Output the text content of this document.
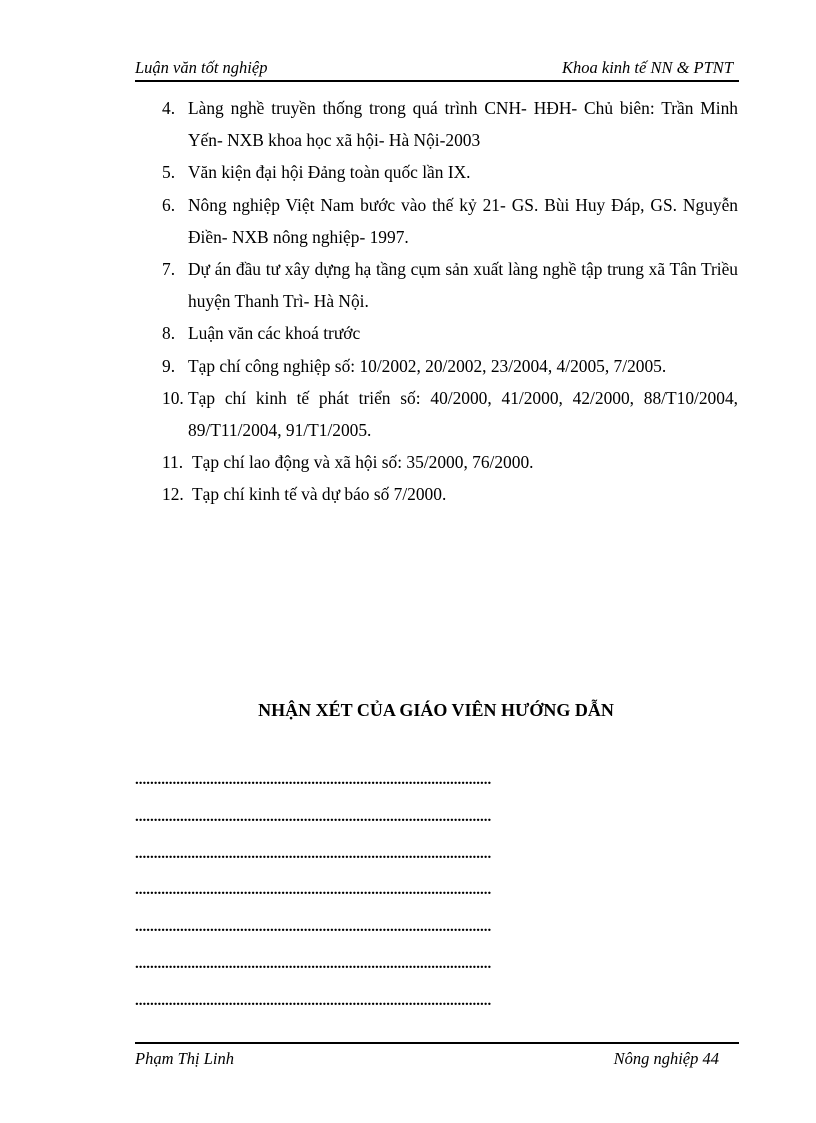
Luận văn tốt nghiệp	Khoa kinh tế NN & PTNT
4. Làng nghề truyền thống trong quá trình CNH- HĐH- Chủ biên: Trần Minh Yến- NXB khoa học xã hội- Hà Nội-2003
5. Văn kiện đại hội Đảng toàn quốc lần IX.
6. Nông nghiệp Việt Nam bước vào thế kỷ 21- GS. Bùi Huy Đáp, GS. Nguyễn Điền- NXB nông nghiệp- 1997.
7. Dự án đầu tư xây dựng hạ tầng cụm sản xuất làng nghề tập trung xã Tân Triều huyện Thanh Trì- Hà Nội.
8. Luận văn các khoá trước
9. Tạp chí công nghiệp số: 10/2002, 20/2002, 23/2004, 4/2005, 7/2005.
10. Tạp chí kinh tế phát triển số: 40/2000, 41/2000, 42/2000, 88/T10/2004, 89/T11/2004, 91/T1/2005.
11. Tạp chí lao động và xã hội số: 35/2000, 76/2000.
12. Tạp chí kinh tế và dự báo số 7/2000.
NHẬN XÉT CỦA GIÁO VIÊN HƯỚNG DẪN
...............................................................................................
...............................................................................................
...............................................................................................
...............................................................................................
...............................................................................................
...............................................................................................
...............................................................................................
Phạm Thị Linh	Nông nghiệp 44
